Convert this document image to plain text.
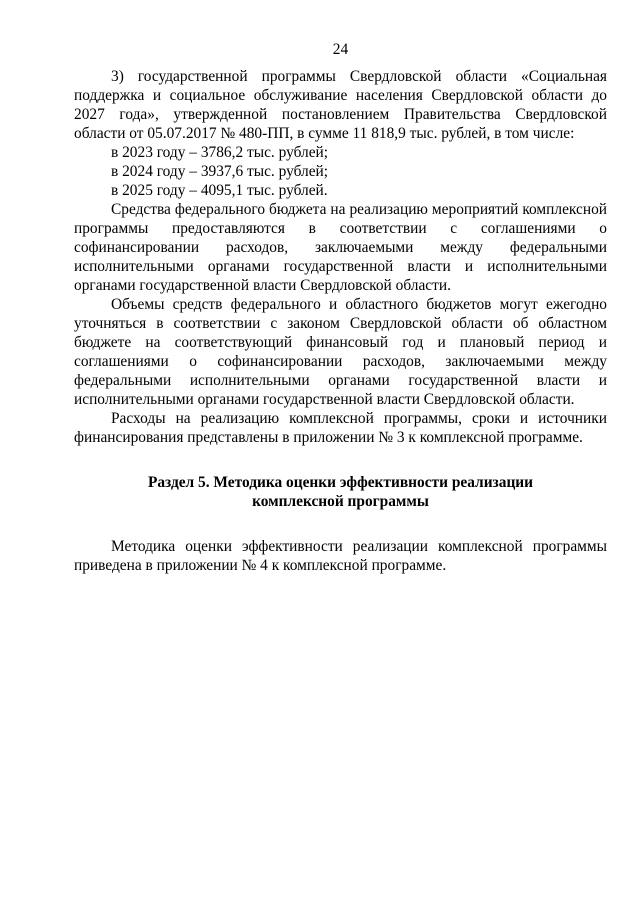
24

3) государственной программы Свердловской области «Социальная поддержка и социальное обслуживание населения Свердловской области до 2027 года», утвержденной постановлением Правительства Свердловской области от 05.07.2017 № 480-ПП, в сумме 11 818,9 тыс. рублей, в том числе:

в 2023 году – 3786,2 тыс. рублей;

в 2024 году – 3937,6 тыс. рублей;

в 2025 году – 4095,1 тыс. рублей.

Средства федерального бюджета на реализацию мероприятий комплексной программы предоставляются в соответствии с соглашениями о софинансировании расходов, заключаемыми между федеральными исполнительными органами государственной власти и исполнительными органами государственной власти Свердловской области.

Объемы средств федерального и областного бюджетов могут ежегодно уточняться в соответствии с законом Свердловской области об областном бюджете на соответствующий финансовый год и плановый период и соглашениями о софинансировании расходов, заключаемыми между федеральными исполнительными органами государственной власти и исполнительными органами государственной власти Свердловской области.

Расходы на реализацию комплексной программы, сроки и источники финансирования представлены в приложении № 3 к комплексной программе.

Раздел 5. Методика оценки эффективности реализации
комплексной программы

Методика оценки эффективности реализации комплексной программы приведена в приложении № 4 к комплексной программе.
